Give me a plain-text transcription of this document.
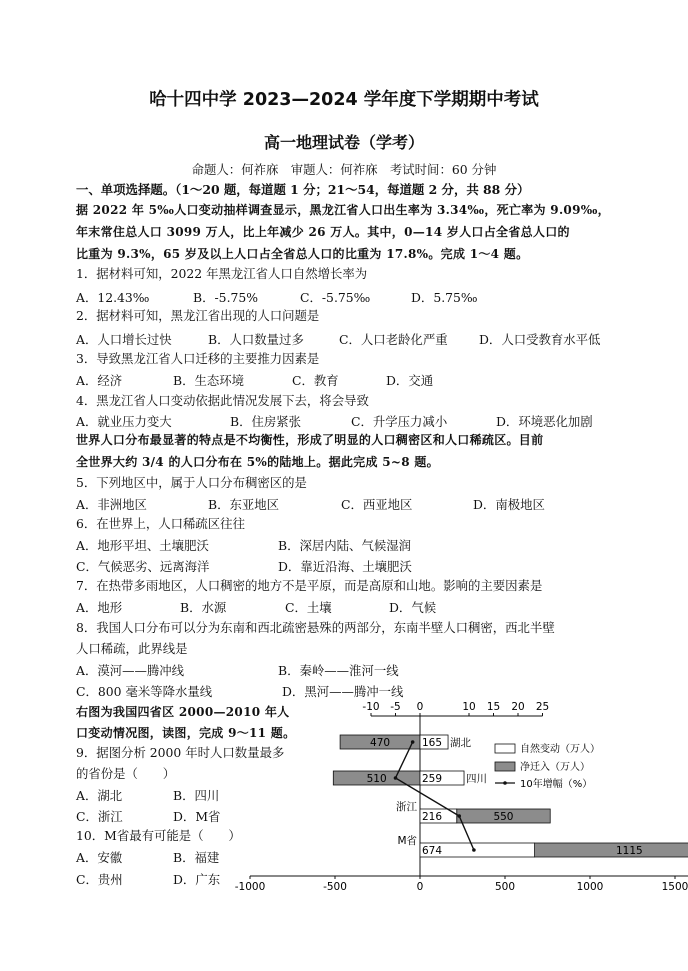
哈十四中学 2023—2024 学年度下学期期中考试
高一地理试卷（学考）
命题人：何祚庥　审题人：何祚庥　考试时间：60 分钟
一、单项选择题。（1～20 题，每道题 1 分；21～54，每道题 2 分，共 88 分）
据 2022 年 5‰人口变动抽样调查显示，黑龙江省人口出生率为 3.34‰，死亡率为 9.09‰，
年末常住总人口 3099 万人，比上年减少 26 万人。其中，0—14 岁人口占全省总人口的
比重为 9.3%，65 岁及以上人口占全省总人口的比重为 17.8%。完成 1～4 题。
1．据材料可知，2022 年黑龙江省人口自然增长率为
A．12.43‰	B．-5.75%	C．-5.75‰	D．5.75‰
2．据材料可知，黑龙江省出现的人口问题是
A．人口增长过快	B．人口数量过多	C．人口老龄化严重	D．人口受教育水平低
3．导致黑龙江省人口迁移的主要推力因素是
A．经济	B．生态环境	C．教育	D．交通
4．黑龙江省人口变动依据此情况发展下去，将会导致
A．就业压力变大	B．住房紧张	C．升学压力减小	D．环境恶化加剧
世界人口分布最显著的特点是不均衡性，形成了明显的人口稠密区和人口稀疏区。目前
全世界大约 3/4 的人口分布在 5%的陆地上。据此完成 5~8 题。
5．下列地区中，属于人口分布稠密区的是
A．非洲地区	B．东亚地区	C．西亚地区	D．南极地区
6．在世界上，人口稀疏区往往
A．地形平坦、土壤肥沃	B．深居内陆、气候湿润
C．气候恶劣、远离海洋	D．靠近沿海、土壤肥沃
7．在热带多雨地区，人口稠密的地方不是平原，而是高原和山地。影响的主要因素是
A．地形	B．水源	C．土壤	D．气候
8．我国人口分布可以分为东南和西北疏密悬殊的两部分，东南半壁人口稠密，西北半壁
人口稀疏，此界线是
A．漠河——腾冲线	B．秦岭——淮河一线
C．800 毫米等降水量线	D．黑河——腾冲一线
右图为我国四省区 2000—2010 年人
口变动情况图，读图，完成 9～11 题。
9．据图分析 2000 年时人口数量最多
的省份是（　　）
A．湖北	B．四川
C．浙江	D．M省
10．M省最有可能是（　　）
A．安徽	B．福建
C．贵州	D．广东 -1000	-500	0	500	1000	1500
-10 -5 0	10 15 20 25
165
470	湖北
259
510	四川
216	550
浙江
674	1115
M省
自然变动（万人）
净迁入（万人）
10年增幅（%）
